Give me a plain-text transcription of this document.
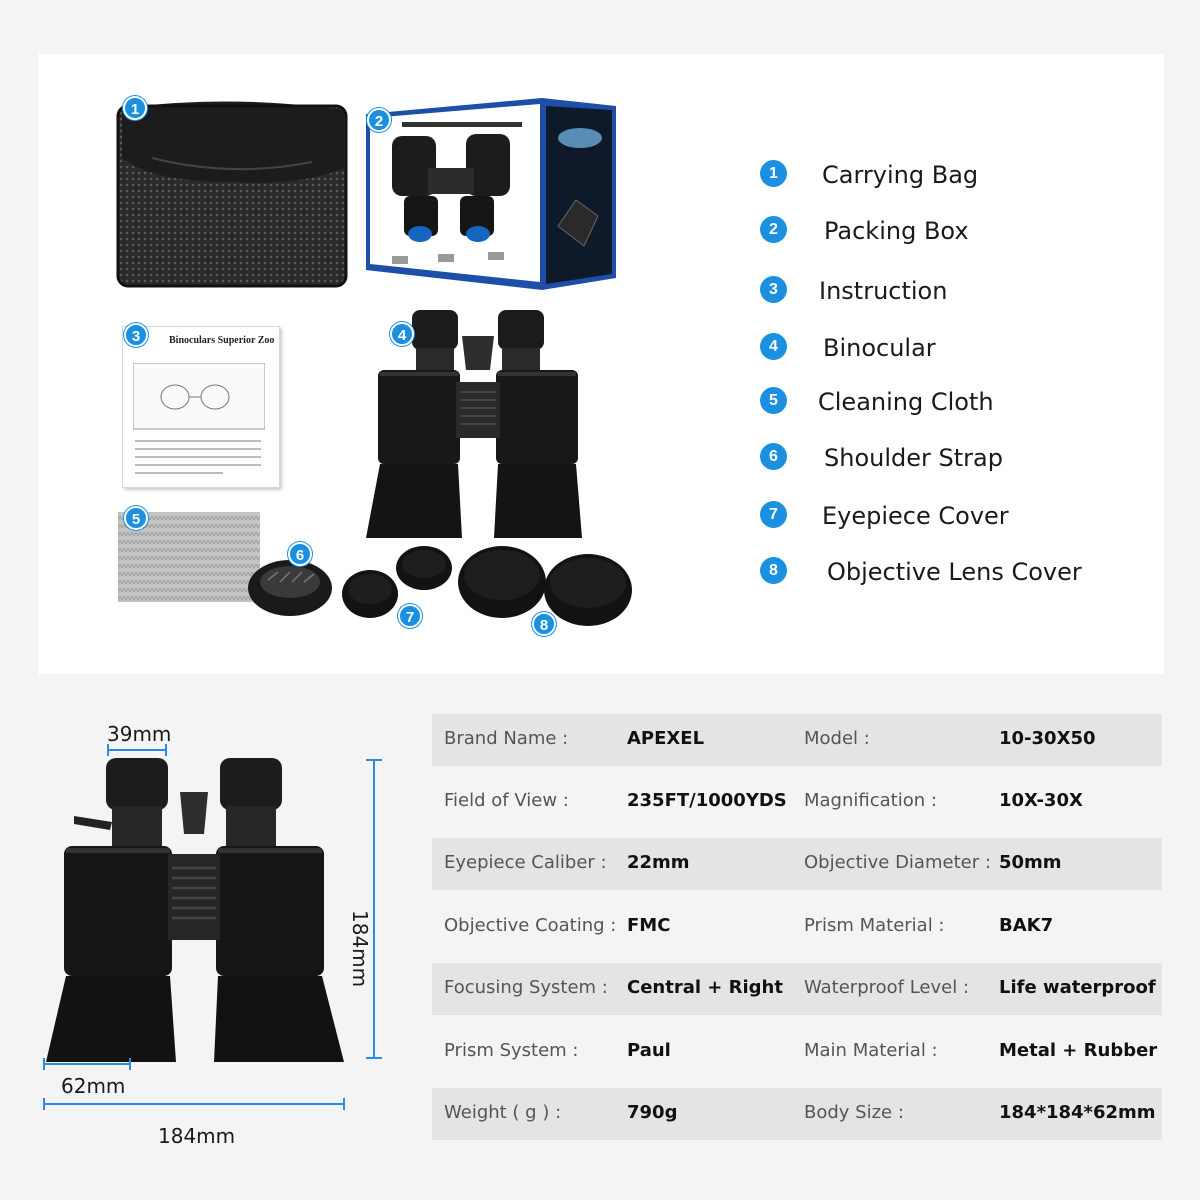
1
2
Binoculars Superior Zoo
3	4
5
6
7	8
1	Carrying Bag
2	Packing Box
3	Instruction
4	Binocular
5	Cleaning Cloth
6	Shoulder Strap
7	Eyepiece Cover
8	Objective Lens Cover
39mm
184mm
62mm
184mm
Brand Name :	APEXEL	Model :	10-30X50
Field of View :	235FT/1000YDS Magnification :	10X-30X
Eyepiece Caliber : 22mm	Objective Diameter : 50mm
Objective Coating : FMC	Prism Material :	BAK7
Focusing System : Central + Right Waterproof Level : Life waterproof
Prism System :	Paul	Main Material :	Metal + Rubber
Weight ( g ) :	790g	Body Size :	184*184*62mm
